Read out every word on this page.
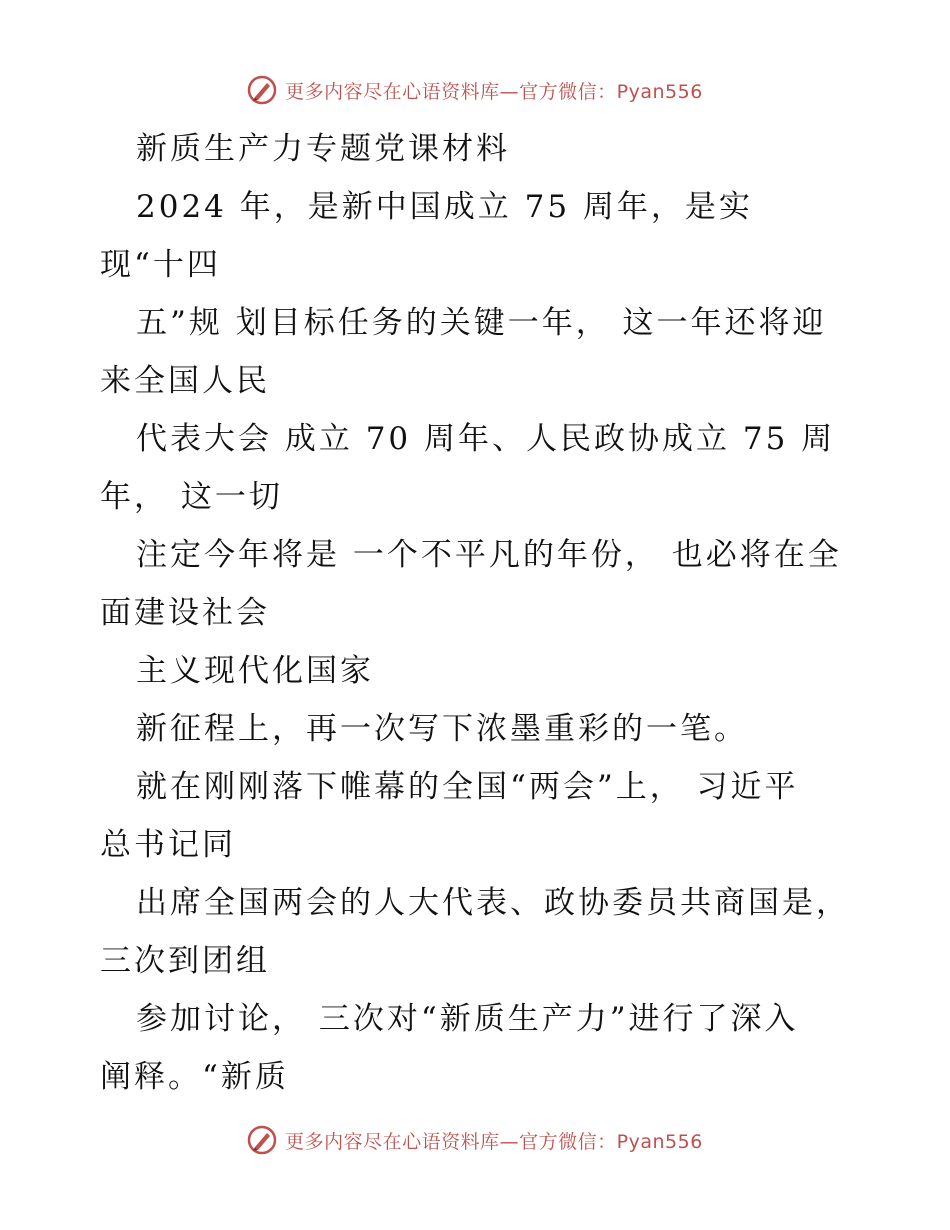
更多内容尽在心语资料库—官方微信：Pyan556
新质生产力专题党课材料
2024 年，是新中国成立 75 周年，是实
现“十四
五”规 划目标任务的关键一年， 这一年还将迎
来全国人民
代表大会 成立 70 周年、人民政协成立 75 周
年， 这一切
注定今年将是 一个不平凡的年份， 也必将在全
面建设社会
主义现代化国家
新征程上，再一次写下浓墨重彩的一笔。
就在刚刚落下帷幕的全国“两会”上， 习近平
总书记同
出席全国两会的人大代表、政协委员共商国是，
三次到团组
参加讨论， 三次对“新质生产力”进行了深入
阐释。“新质
更多内容尽在心语资料库—官方微信：Pyan556
